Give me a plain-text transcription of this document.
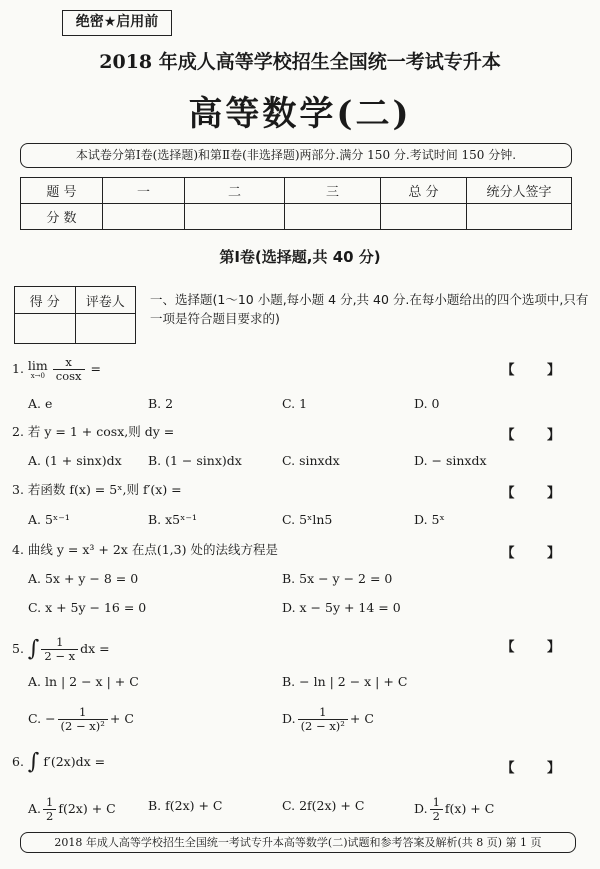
绝密★启用前
2018 年成人高等学校招生全国统一考试专升本
高等数学(二)
本试卷分第Ⅰ卷(选择题)和第Ⅱ卷(非选择题)两部分.满分 150 分.考试时间 150 分钟.
题 号	一	二	三	总 分	统分人签字
分 数					
第Ⅰ卷(选择题,共 40 分)
得 分	评卷人
	一、选择题(1～10 小题,每小题 4 分,共 40 分.在每小题给出的四个选项中,只有一项是符合题目要求的)
1. lim
$x\to 0 \frac{x}{\cos x}$ =	【 】
A. e	B. 2	C. 1	D. 0
2. 若 y = 1 + cosx,则 dy =	【 】
A. (1 + sinx)dx B. (1 − sinx)dx	C. sinxdx	D. − sinxdx
3. 若函数 f(x) = 5ˣ,则 f′(x) =	【 】
A. 5ˣ⁻¹	B. x5ˣ⁻¹	C. 5ˣln5	D. 5ˣ
4. 曲线 y = x³ + 2x 在点(1,3) 处的法线方程是	【 】
A. 5x + y − 8 = 0	B. 5x − y − 2 = 0
C. x + 5y − 16 = 0	D. x − 5y + 14 = 0
5. ∫ $\frac{1}{2 - x}$ dx =	【 】
A. ln | 2 − x | + C	B. − ln | 2 − x | + C
C. − $\frac{1}{\text{(2 − x)²}} + C$	D. $\frac{1}{\text{(2 − x)²}} + C$
6. ∫ f′(2x)dx =	【 】
A. $\frac{1}{2} f(2x) + C$	B. f(2x) + C	C. 2f(2x) + C	D. $\frac{1}{2} f(x) + C$
2018 年成人高等学校招生全国统一考试专升本高等数学(二)试题和参考答案及解析(共 8 页) 第 1 页
